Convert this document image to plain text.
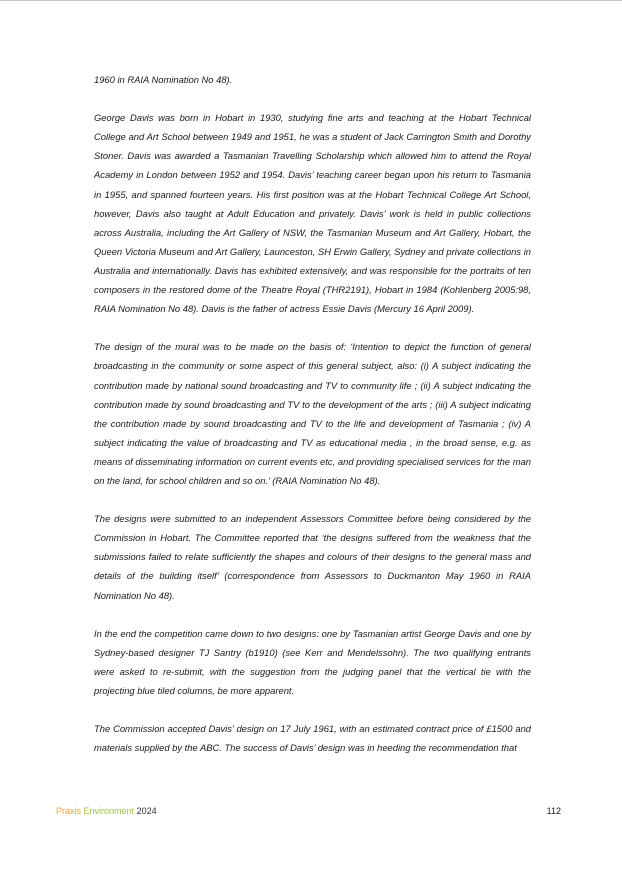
1960 in RAIA Nomination No 48).

George Davis was born in Hobart in 1930, studying fine arts and teaching at the Hobart Technical College and Art School between 1949 and 1951, he was a student of Jack Carrington Smith and Dorothy Stoner. Davis was awarded a Tasmanian Travelling Scholarship which allowed him to attend the Royal Academy in London between 1952 and 1954. Davis’ teaching career began upon his return to Tasmania in 1955, and spanned fourteen years. His first position was at the Hobart Technical College Art School, however, Davis also taught at Adult Education and privately. Davis’ work is held in public collections across Australia, including the Art Gallery of NSW, the Tasmanian Museum and Art Gallery, Hobart, the Queen Victoria Museum and Art Gallery, Launceston, SH Erwin Gallery, Sydney and private collections in Australia and internationally. Davis has exhibited extensively, and was responsible for the portraits of ten composers in the restored dome of the Theatre Royal (THR2191), Hobart in 1984 (Kohlenberg 2005:98, RAIA Nomination No 48). Davis is the father of actress Essie Davis (Mercury 16 April 2009).

The design of the mural was to be made on the basis of: ‘Intention to depict the function of general broadcasting in the community or some aspect of this general subject, also: (i) A subject indicating the contribution made by national sound broadcasting and TV to community life ; (ii) A subject indicating the contribution made by sound broadcasting and TV to the development of the arts ; (iii) A subject indicating the contribution made by sound broadcasting and TV to the life and development of Tasmania ; (iv) A subject indicating the value of broadcasting and TV as educational media , in the broad sense, e.g. as means of disseminating information on current events etc, and providing specialised services for the man on the land, for school children and so on.’ (RAIA Nomination No 48).

The designs were submitted to an independent Assessors Committee before being considered by the Commission in Hobart. The Committee reported that ‘the designs suffered from the weakness that the submissions failed to relate sufficiently the shapes and colours of their designs to the general mass and details of the building itself’ (correspondence from Assessors to Duckmanton May 1960 in RAIA Nomination No 48).

In the end the competition came down to two designs: one by Tasmanian artist George Davis and one by Sydney-based designer TJ Santry (b1910) (see Kerr and Mendelssohn). The two qualifying entrants were asked to re-submit, with the suggestion from the judging panel that the vertical tie with the projecting blue tiled columns, be more apparent.

The Commission accepted Davis’ design on 17 July 1961, with an estimated contract price of £1500 and materials supplied by the ABC. The success of Davis’ design was in heeding the recommendation that

Praxis Environment 2024	112
